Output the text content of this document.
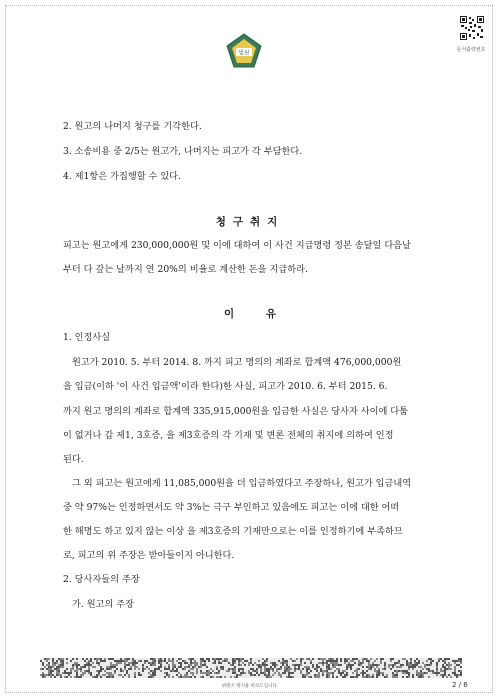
법원
문서출력번호
2. 원고의 나머지 청구를 기각한다.
3. 소송비용 중 2/5는 원고가, 나머지는 피고가 각 부담한다.
4. 제1항은 가집행할 수 있다.
청구취지
피고는 원고에게 230,000,000원 및 이에 대하여 이 사건 지급명령 정본 송달일 다음날
부터 다 갚는 날까지 연 20%의 비율로 계산한 돈을 지급하라.
이 유
1. 인정사실
원고가 2010. 5. 부터 2014. 8. 까지 피고 명의의 계좌로 합계액 476,000,000원
을 입금(이하 '이 사건 입금액'이라 한다)한 사실, 피고가 2010. 6. 부터 2015. 6.
까지 원고 명의의 계좌로 합계액 335,915,000원을 입금한 사실은 당사자 사이에 다툼
이 없거나 갑 제1, 3호증, 을 제3호증의 각 기재 및 변론 전체의 취지에 의하여 인정
된다.
그 외 피고는 원고에게 11,085,000원을 더 입금하였다고 주장하나, 원고가 입금내역
중 약 97%는 인정하면서도 약 3%는 극구 부인하고 있음에도 피고는 이에 대한 어떠
한 해명도 하고 있지 않는 이상 을 제3호증의 기재만으로는 이를 인정하기에 부족하므
로, 피고의 위 주장은 받아들이지 아니한다.
2. 당사자들의 주장
가. 원고의 주장
위변조 방지용 바코드입니다.	2 / 6
